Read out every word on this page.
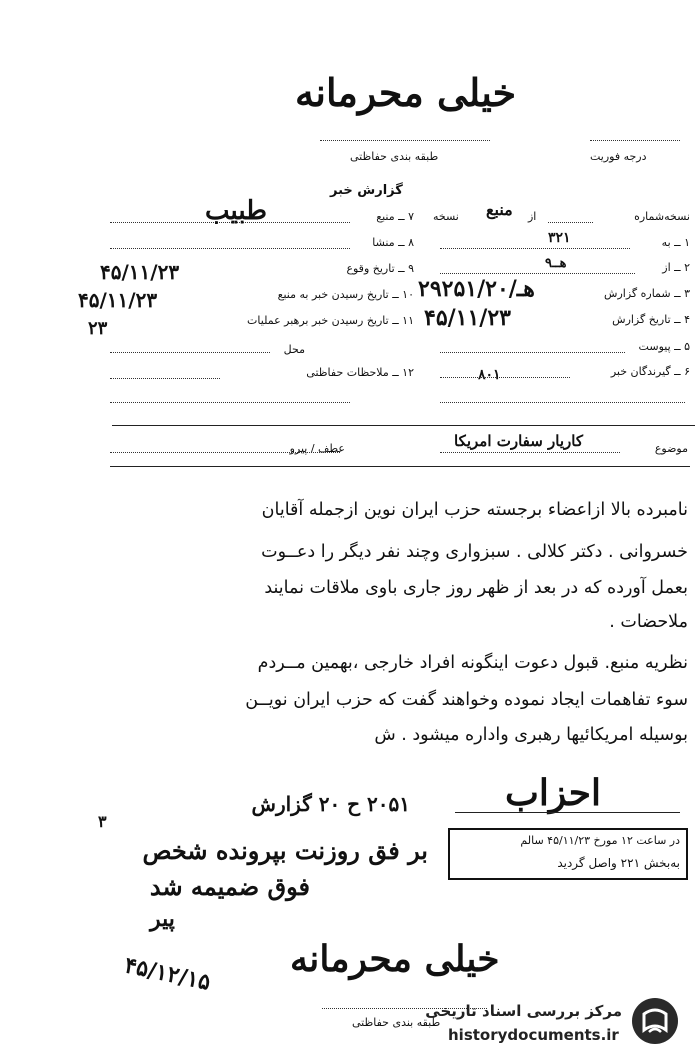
خیلی محرمانه
طبقه بندی حفاظتی	درجه فوریت
گزارش خبر
نسخه‌شماره
از
منبع
نسخه
۱ ــ به
۳۲۱
۲ ــ از
هــ۹
۳ ــ شماره گزارش
۲۹۲۵۱/هـ/۲۰
۴ ــ تاریخ گزارش
۴۵/۱۱/۲۳
۵ ــ پیوست
۶ ــ گیرندگان خبر
۸۰۱
۷ ــ منبع
طبیب
۸ ــ منشا
۹ ــ تاریخ وقوع
۴۵/۱۱/۲۳
۱۰ ــ تاریخ رسیدن خبر به منبع
۴۵/۱۱/۲۳
۱۱ ــ تاریخ رسیدن خبر برهبر عملیات
۲۳
محل
۱۲ ــ ملاحظات حفاظتی
موضوع
کاریار سفارت امریکا
عطف / پیرو
نامبرده بالا ازاعضاء برجسته حزب ایران نوین ازجمله آقایان
خسروانی . دکتر کلالی . سبزواری وچند نفر دیگر را دعــوت
بعمل آورده که در بعد از ظهر روز جاری باوی ملاقات نمایند
ملاحضات .
نظریه منبع. قبول دعوت اینگونه افراد خارجی ،بهمین مــردم
سوء تفاهمات ایجاد نموده وخواهند گفت که حزب ایران نویــن
بوسیله امریکائیها رهبری واداره میشود . ش
احزاب
در ساعت ۱۲ مورخ ۴۵/۱۱/۲۳ سالم
به‌بخش ۲۲۱ واصل گردید
۳
۲۰۵۱ ح ۲۰ گزارش
بر فق روزنت بپرونده شخص
فوق ضمیمه شد
پیر
۴۵/۱۲/۱۵ خیلی محرمانه
طبقه بندی حفاظتی
مرکز بررسی اسناد تاریخی
historydocuments.ir
